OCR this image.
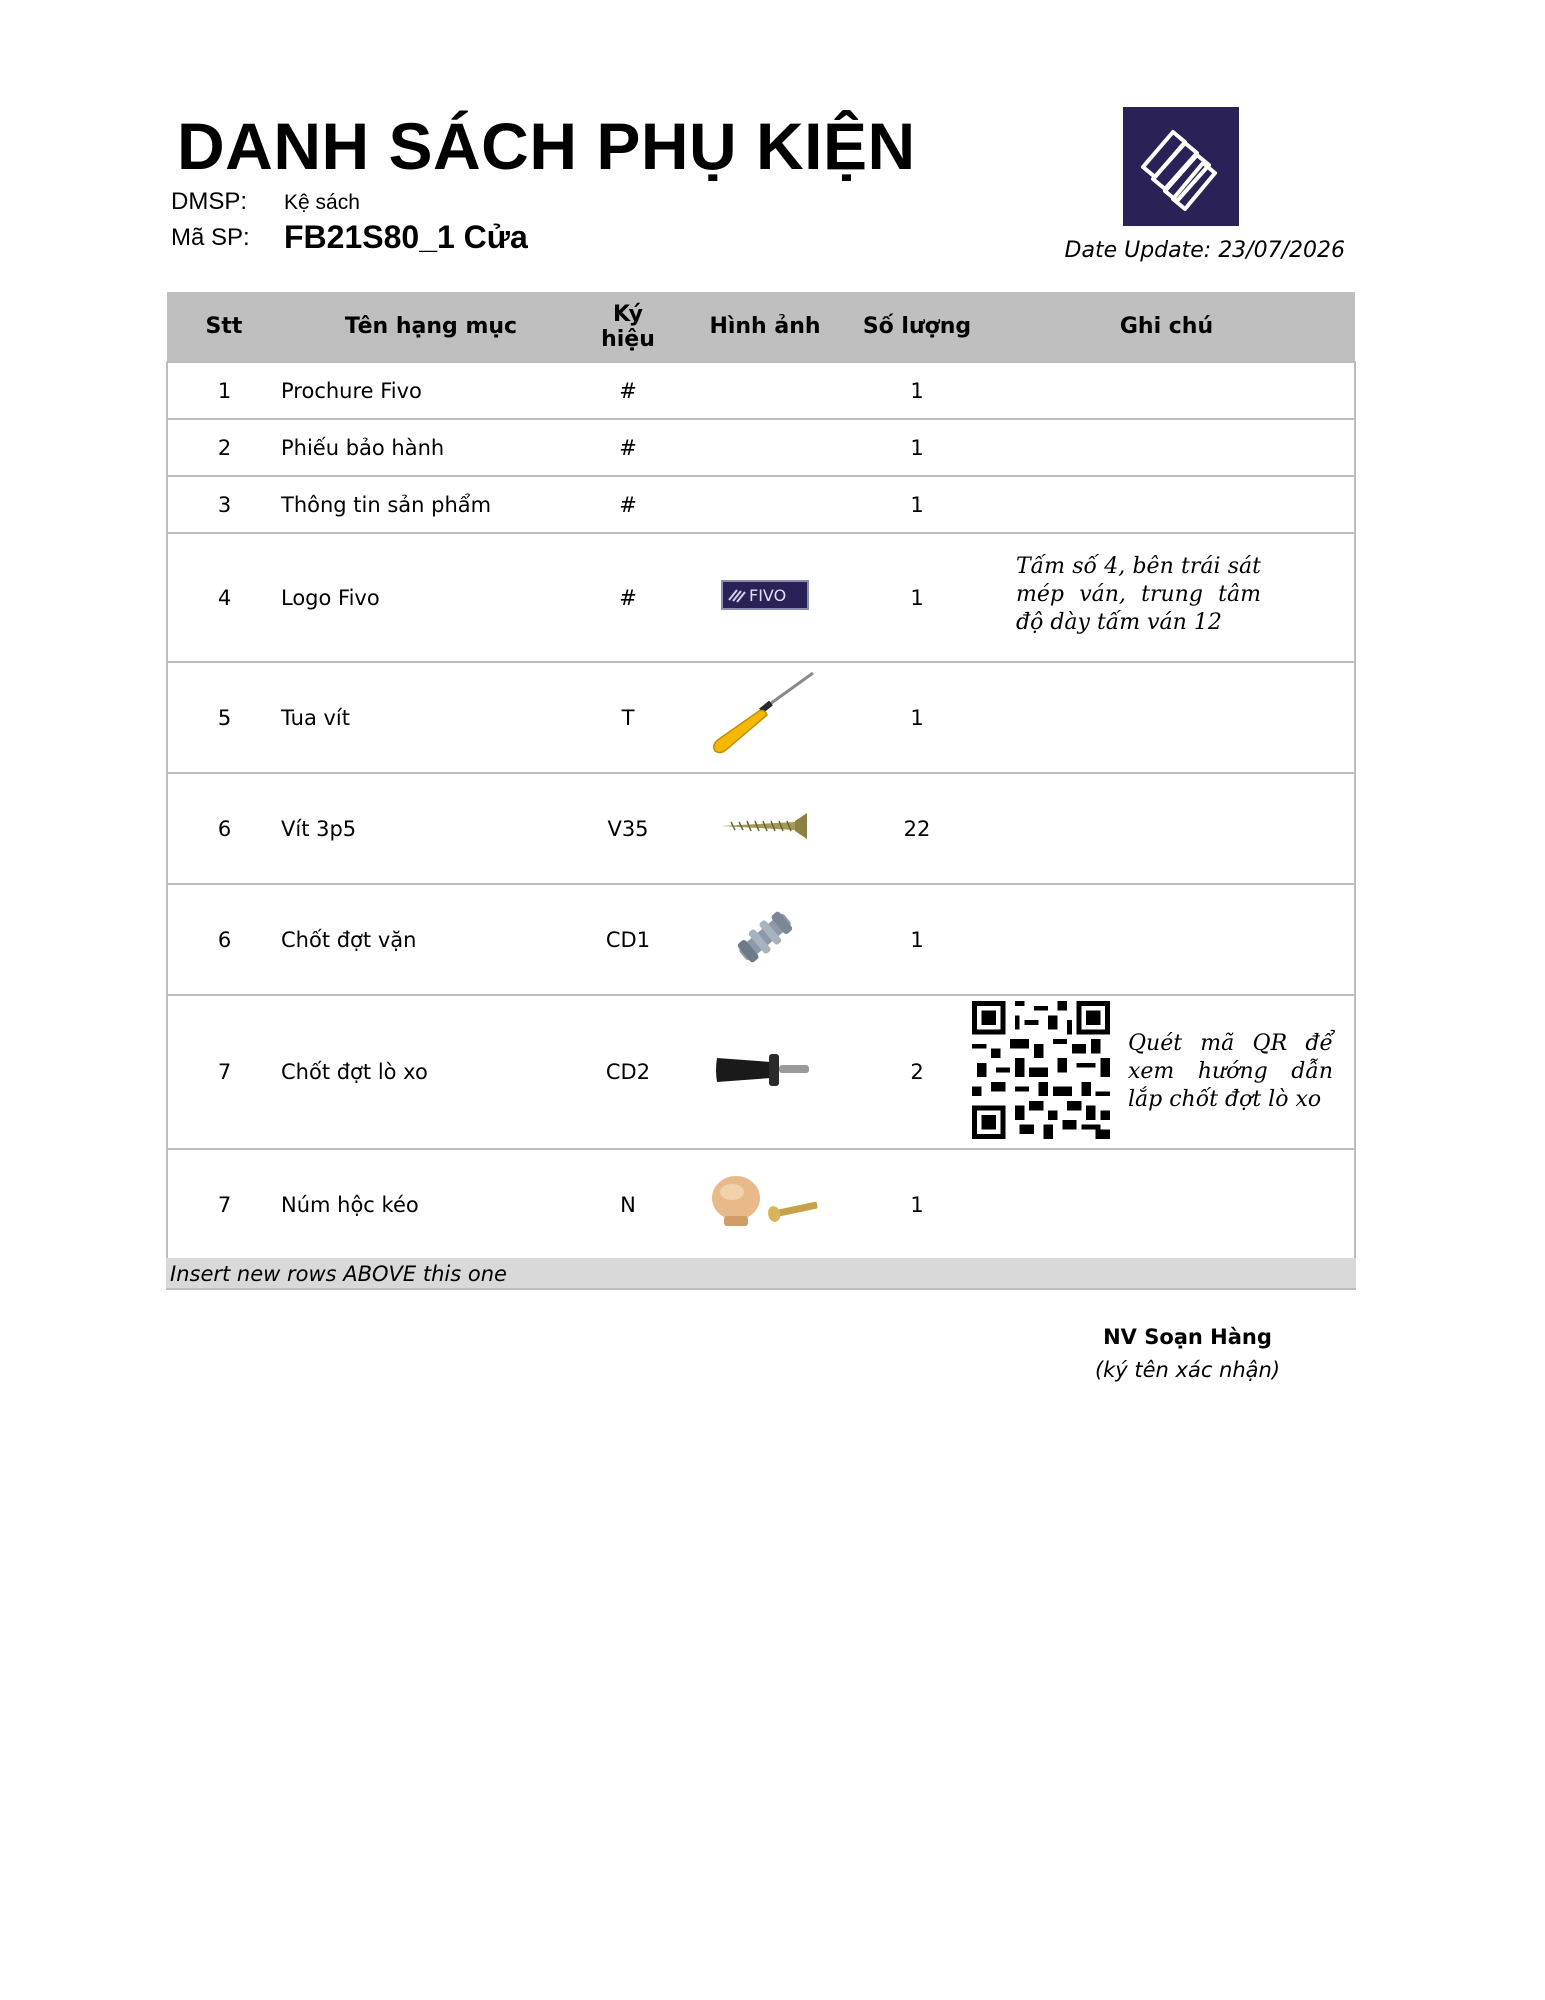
DANH SÁCH PHỤ KIỆN
DMSP: Kệ sách
Mã SP: FB21S80_1 Cửa	Date Update: 23/07/2026
Stt	Tên hạng mục	Ký hiệu	Hình ảnh	Số lượng	Ghi chú
1	Prochure Fivo	#		1	
2	Phiếu bảo hành	#		1	
3	Thông tin sản phẩm	#		1	
4	Logo Fivo	#	FIVO	1	Tấm số 4, bên trái sát mép ván, trung tâm độ dày tấm ván 12

5	Tua vít	T		1	
6	Vít 3p5	V35		22	
6	Chốt đợt vặn	CD1		1	
7	Chốt đợt lò xo	CD2		2	Quét mã QR để xem hướng dẫn lắp chốt đợt lò xo

7	Núm hộc kéo	N		1	
Insert new rows ABOVE this one
NV Soạn Hàng
(ký tên xác nhận)
